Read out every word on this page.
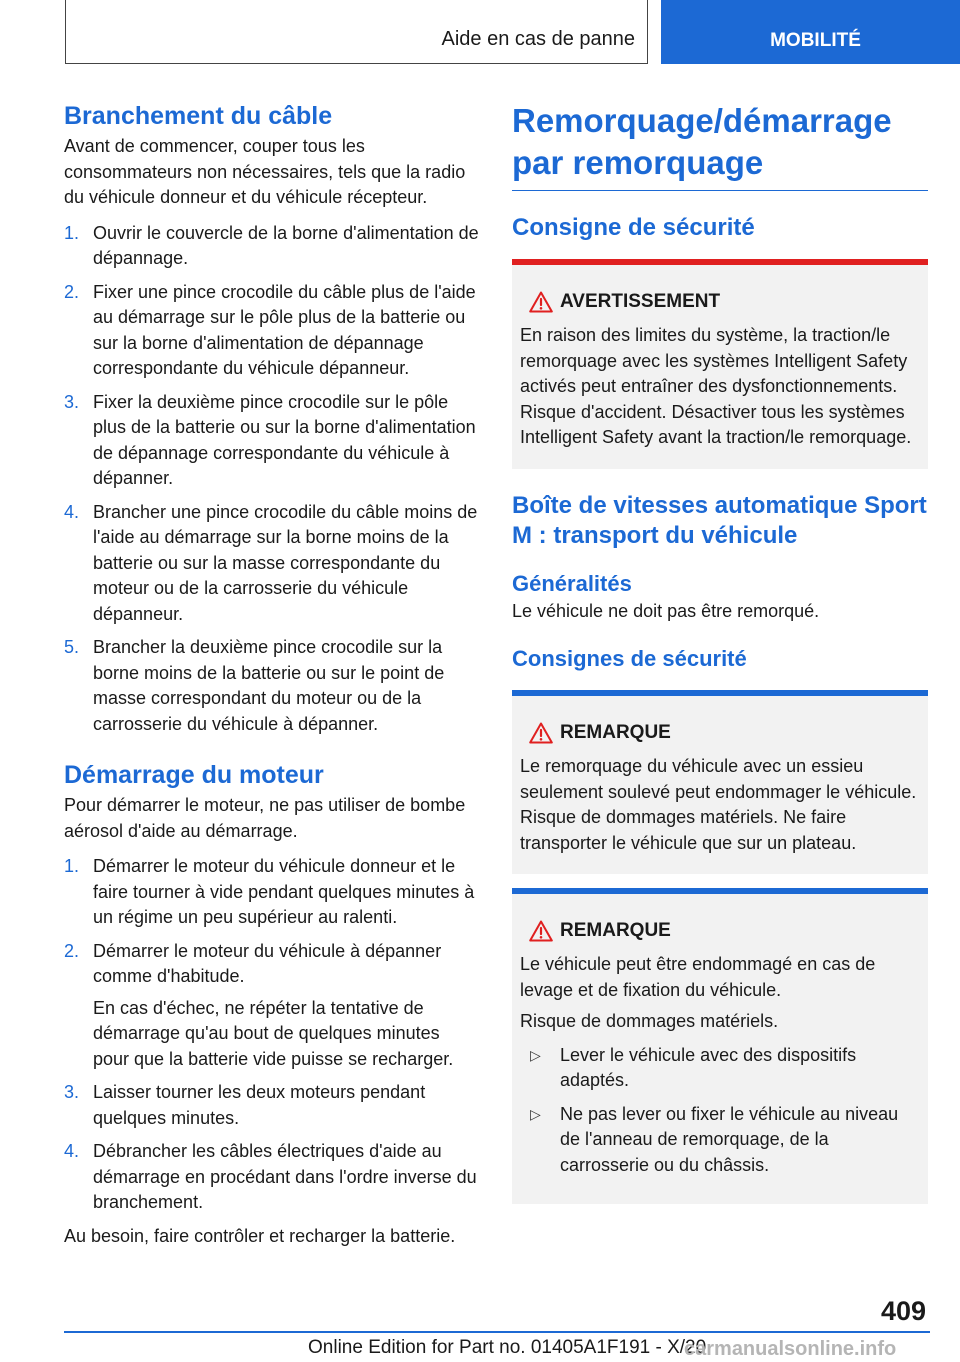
Aide en cas de panne	MOBILITÉ
Branchement du câble

Avant de commencer, couper tous les consommateurs non nécessaires, tels que la radio du véhicule donneur et du véhicule récepteur.

1. Ouvrir le couvercle de la borne d'alimentation de dépannage.
2. Fixer une pince crocodile du câble plus de l'aide au démarrage sur le pôle plus de la batterie ou sur la borne d'alimentation de dépannage correspondante du véhicule dépanneur.
3. Fixer la deuxième pince crocodile sur le pôle plus de la batterie ou sur la borne d'alimentation de dépannage correspondante du véhicule à dépanner.
4. Brancher une pince crocodile du câble moins de l'aide au démarrage sur la borne moins de la batterie ou sur la masse correspondante du moteur ou de la carrosserie du véhicule dépanneur.
5. Brancher la deuxième pince crocodile sur la borne moins de la batterie ou sur le point de masse correspondant du moteur ou de la carrosserie du véhicule à dépanner.
Démarrage du moteur

Pour démarrer le moteur, ne pas utiliser de bombe aérosol d'aide au démarrage.

1. Démarrer le moteur du véhicule donneur et le faire tourner à vide pendant quelques minutes à un régime un peu supérieur au ralenti.
2. Démarrer le moteur du véhicule à dépanner comme d'habitude.
En cas d'échec, ne répéter la tentative de démarrage qu'au bout de quelques minutes pour que la batterie vide puisse se recharger.
3. Laisser tourner les deux moteurs pendant quelques minutes.
4. Débrancher les câbles électriques d'aide au démarrage en procédant dans l'ordre inverse du branchement.

Au besoin, faire contrôler et recharger la batterie.

Remorquage/démarrage par remorquage
Consigne de sécurité
AVERTISSEMENT

En raison des limites du système, la traction/le remorquage avec les systèmes Intelligent Safety activés peut entraîner des dysfonctionnements. Risque d'accident. Désactiver tous les systèmes Intelligent Safety avant la traction/le remorquage.

Boîte de vitesses automatique Sport M : transport du véhicule
Généralités

Le véhicule ne doit pas être remorqué.

Consignes de sécurité
REMARQUE

Le remorquage du véhicule avec un essieu seulement soulevé peut endommager le véhicule. Risque de dommages matériels. Ne faire transporter le véhicule que sur un plateau.

REMARQUE

Le véhicule peut être endommagé en cas de levage et de fixation du véhicule.

Risque de dommages matériels.

▷ Lever le véhicule avec des dispositifs adaptés.
▷ Ne pas lever ou fixer le véhicule au niveau de l'anneau de remorquage, de la carrosserie ou du châssis.
409
Online Edition for Part no. 01405A1F191 - X/20
carmanualsonline.info
